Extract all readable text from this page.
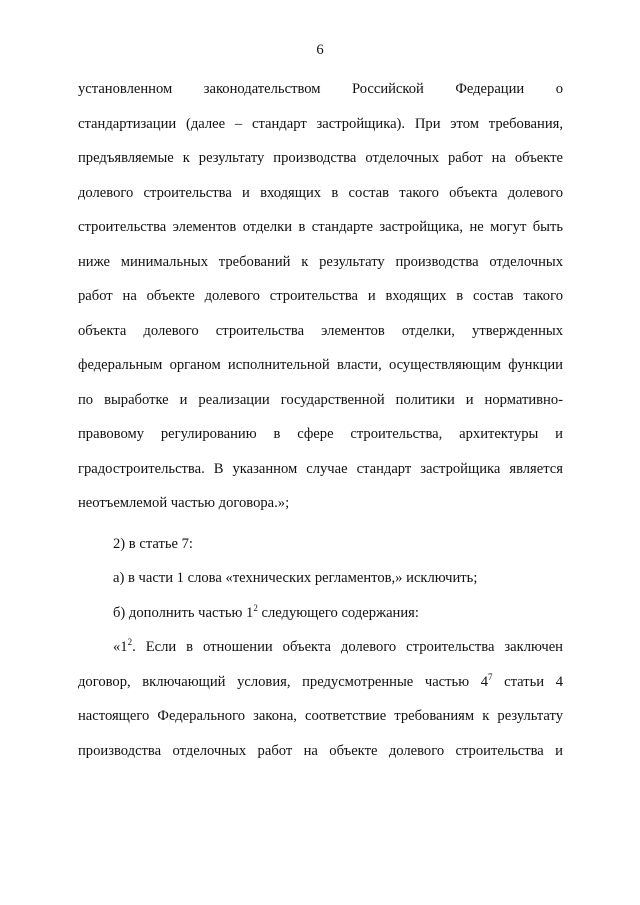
6
установленном законодательством Российской Федерации о
стандартизации (далее – стандарт застройщика). При этом требования,
предъявляемые к результату производства отделочных работ на объекте
долевого строительства и входящих в состав такого объекта долевого
строительства элементов отделки в стандарте застройщика, не могут быть
ниже минимальных требований к результату производства отделочных
работ на объекте долевого строительства и входящих в состав такого
объекта долевого строительства элементов отделки, утвержденных
федеральным органом исполнительной власти, осуществляющим функции
по выработке и реализации государственной политики и нормативно-
правовому регулированию в сфере строительства, архитектуры и
градостроительства. В указанном случае стандарт застройщика является
неотъемлемой частью договора.»;
2) в статье 7:
а) в части 1 слова «технических регламентов,» исключить;
б) дополнить частью $1^2$ следующего содержания:
«$1^2$. Если в отношении объекта долевого строительства заключен
договор, включающий условия, предусмотренные частью $4^7$ статьи 4
настоящего Федерального закона, соответствие требованиям к результату
производства отделочных работ на объекте долевого строительства и
